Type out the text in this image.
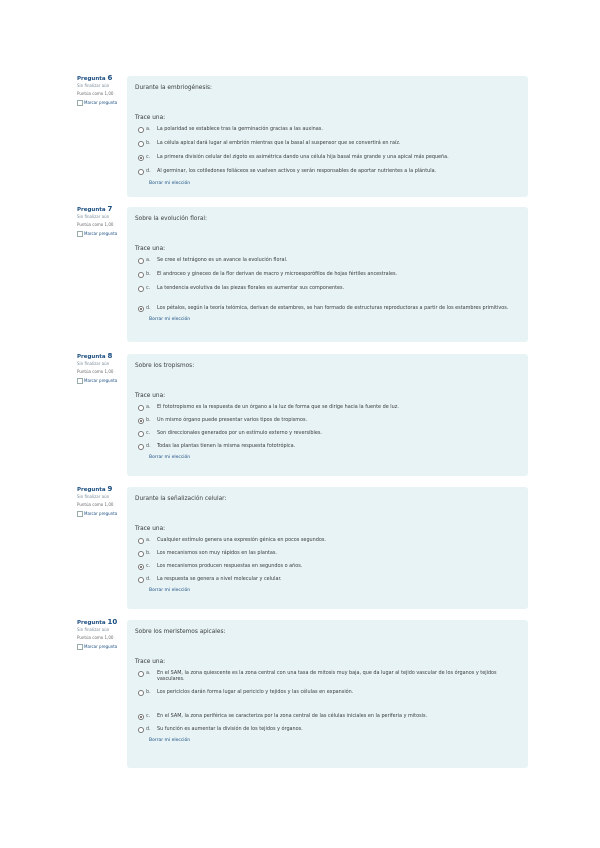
Pregunta 6
Sin finalizar aún
Puntúa como 1,00
Marcar pregunta
Durante la embriogénesis:
Trace una:
a. La polaridad se establece tras la germinación gracias a las auxinas.
b. La célula apical dará lugar al embrión mientras que la basal al suspensor que se convertirá en raíz.
c. La primera división celular del zigoto es asimétrica dando una célula hija basal más grande y una apical más pequeña.
d. Al germinar, los cotiledones foliáceos se vuelven activos y serán responsables de aportar nutrientes a la plántula.
Borrar mi elección
Pregunta 7
Sin finalizar aún
Puntúa como 1,00
Marcar pregunta
Sobre la evolución floral:
Trace una:
a. Se cree el tetrágono es un avance la evolución floral.
b. El androceo y gineceo de la flor derivan de macro y microesporófilos de hojas fértiles ancestrales.
c. La tendencia evolutiva de las piezas florales es aumentar sus componentes.
d. Los pétalos, según la teoría telómica, derivan de estambres, se han formado de estructuras reproductoras a partir de los estambres primitivos.
Borrar mi elección
Pregunta 8
Sin finalizar aún
Puntúa como 1,00
Marcar pregunta
Sobre los tropismos:
Trace una:
a. El fototropismo es la respuesta de un órgano a la luz de forma que se dirige hacia la fuente de luz.
b. Un mismo órgano puede presentar varios tipos de tropismos.
c. Son direccionales generados por un estímulo externo y reversibles.
d. Todas las plantas tienen la misma respuesta fototrópica.
Borrar mi elección
Pregunta 9
Sin finalizar aún
Puntúa como 1,00
Marcar pregunta
Durante la señalización celular:
Trace una:
a. Cualquier estímulo genera una expresión génica en pocos segundos.
b. Los mecanismos son muy rápidos en las plantas.
c. Los mecanismos producen respuestas en segundos o años.
d. La respuesta se genera a nivel molecular y celular.
Borrar mi elección
Pregunta 10
Sin finalizar aún
Puntúa como 1,00
Marcar pregunta
Sobre los meristemos apicales:
Trace una:
a. En el SAM, la zona quiescente es la zona central con una tasa de mitosis muy baja, que da lugar al tejido vascular de los órganos y tejidos vasculares.
b. Los periciclos darán forma lugar al periciclo y tejidos y las células en expansión.
c. En el SAM, la zona periférica se caracteriza por la zona central de las células iniciales en la periferia y mitosis.
d. Su función es aumentar la división de los tejidos y órganos.
Borrar mi elección
